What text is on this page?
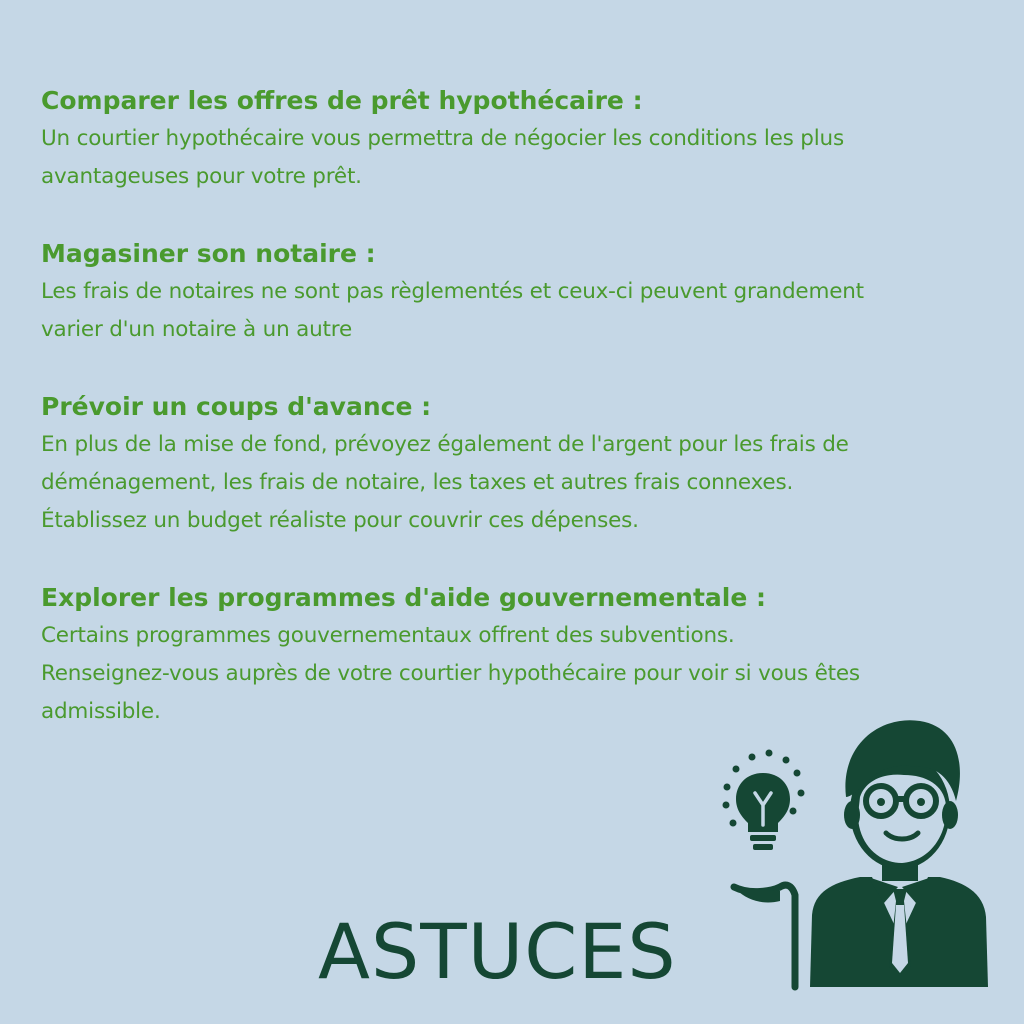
Comparer les offres de prêt hypothécaire :
Un courtier hypothécaire vous permettra de négocier les conditions les plus
avantageuses pour votre prêt.
Magasiner son notaire :
Les frais de notaires ne sont pas règlementés et ceux-ci peuvent grandement
varier d'un notaire à un autre
Prévoir un coups d'avance :
En plus de la mise de fond, prévoyez également de l'argent pour les frais de
déménagement, les frais de notaire, les taxes et autres frais connexes.
Établissez un budget réaliste pour couvrir ces dépenses.
Explorer les programmes d'aide gouvernementale :
Certains programmes gouvernementaux offrent des subventions.
Renseignez-vous auprès de votre courtier hypothécaire pour voir si vous êtes
admissible.
ASTUCES
